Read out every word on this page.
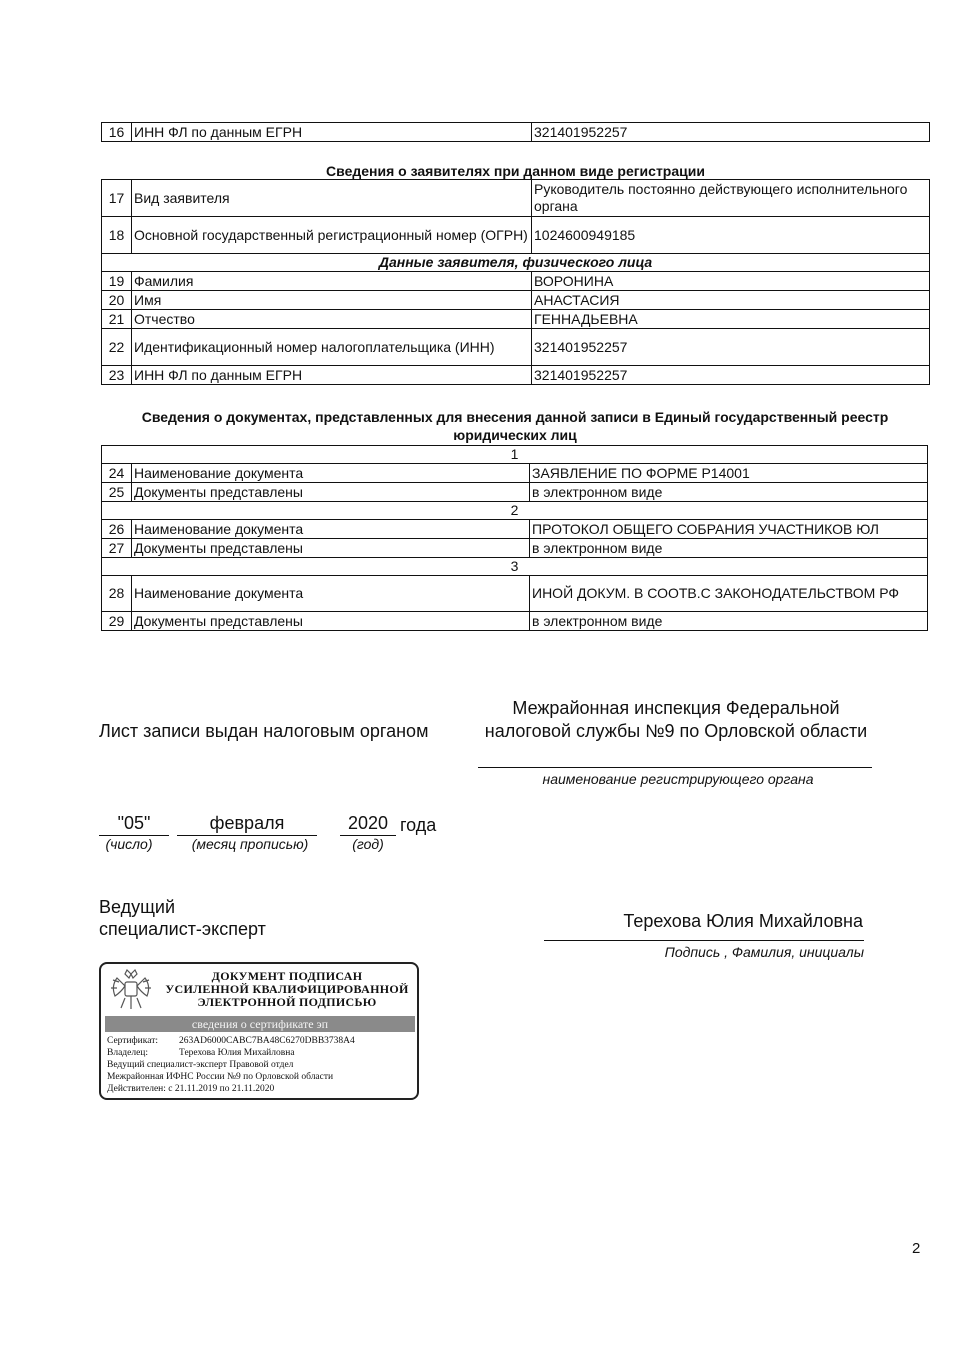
16	ИНН ФЛ по данным ЕГРН	321401952257
Сведения о заявителях при данном виде регистрации
17	Вид заявителя	Руководитель постоянно действующего исполнительного органа
18	Основной государственный регистрационный номер (ОГРН)	1024600949185
Данные заявителя, физического лица		
19	Фамилия	ВОРОНИНА
20	Имя	АНАСТАСИЯ
21	Отчество	ГЕННАДЬЕВНА
22	Идентификационный номер налогоплательщика (ИНН)	321401952257
23	ИНН ФЛ по данным ЕГРН	321401952257
Сведения о документах, представленных для внесения данной записи в Единый государственный реестр юридических лиц
1		
24	Наименование документа	ЗАЯВЛЕНИЕ ПО ФОРМЕ Р14001
25	Документы представлены	в электронном виде
2		
26	Наименование документа	ПРОТОКОЛ ОБЩЕГО СОБРАНИЯ УЧАСТНИКОВ ЮЛ
27	Документы представлены	в электронном виде
3		
28	Наименование документа	ИНОЙ ДОКУМ. В СООТВ.С ЗАКОНОДАТЕЛЬСТВОМ РФ
29	Документы представлены	в электронном виде
Лист записи выдан налоговым органом
Межрайонная инспекция Федеральной налоговой службы №9 по Орловской области
наименование регистрирующего органа
"05"	февраля	2020 года
(число)	(месяц прописью)	(год)
Ведущий
специалист-эксперт	Терехова Юлия Михайловна
Подпись , Фамилия, инициалы
ДОКУМЕНТ ПОДПИСАН
УСИЛЕННОЙ КВАЛИФИЦИРОВАННОЙ
ЭЛЕКТРОННОЙ ПОДПИСЬЮ
сведения о сертификате эп
Сертификат: 263AD6000CABC7BA48C6270DBB3738A4
Владелец:	Терехова Юлия Михайловна
Ведущий специалист-эксперт Правовой отдел
Межрайонная ИФНС России №9 по Орловской области
Действителен: с 21.11.2019 по 21.11.2020
2
